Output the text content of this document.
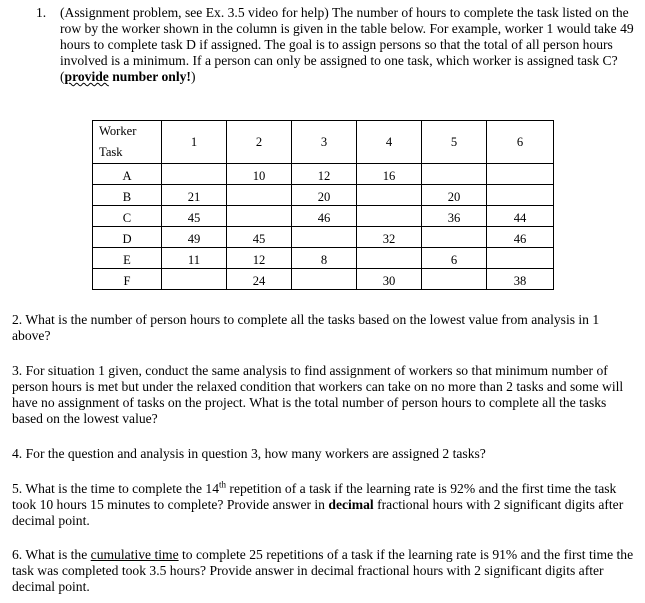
1. (Assignment problem, see Ex. 3.5 video for help) The number of hours to complete the task listed on the row by the worker shown in the column is given in the table below. For example, worker 1 would take 49 hours to complete task D if assigned. The goal is to assign persons so that the total of all person hours involved is a minimum. If a person can only be assigned to one task, which worker is assigned task C? (provide number only!)
Worker
Task	1	2	3	4	5	6
A		10	12	16		
B	21		20		20	
C	45		46		36	44
D	49	45		32		46
E	11	12	8		6	
F		24		30		38
2. What is the number of person hours to complete all the tasks based on the lowest value from analysis in 1 above?
3. For situation 1 given, conduct the same analysis to find assignment of workers so that minimum number of person hours is met but under the relaxed condition that workers can take on no more than 2 tasks and some will have no assignment of tasks on the project. What is the total number of person hours to complete all the tasks based on the lowest value?
4. For the question and analysis in question 3, how many workers are assigned 2 tasks?
5. What is the time to complete the 14th repetition of a task if the learning rate is 92% and the first time the task took 10 hours 15 minutes to complete? Provide answer in decimal fractional hours with 2 significant digits after decimal point.
6. What is the cumulative time to complete 25 repetitions of a task if the learning rate is 91% and the first time the task was completed took 3.5 hours? Provide answer in decimal fractional hours with 2 significant digits after decimal point.
